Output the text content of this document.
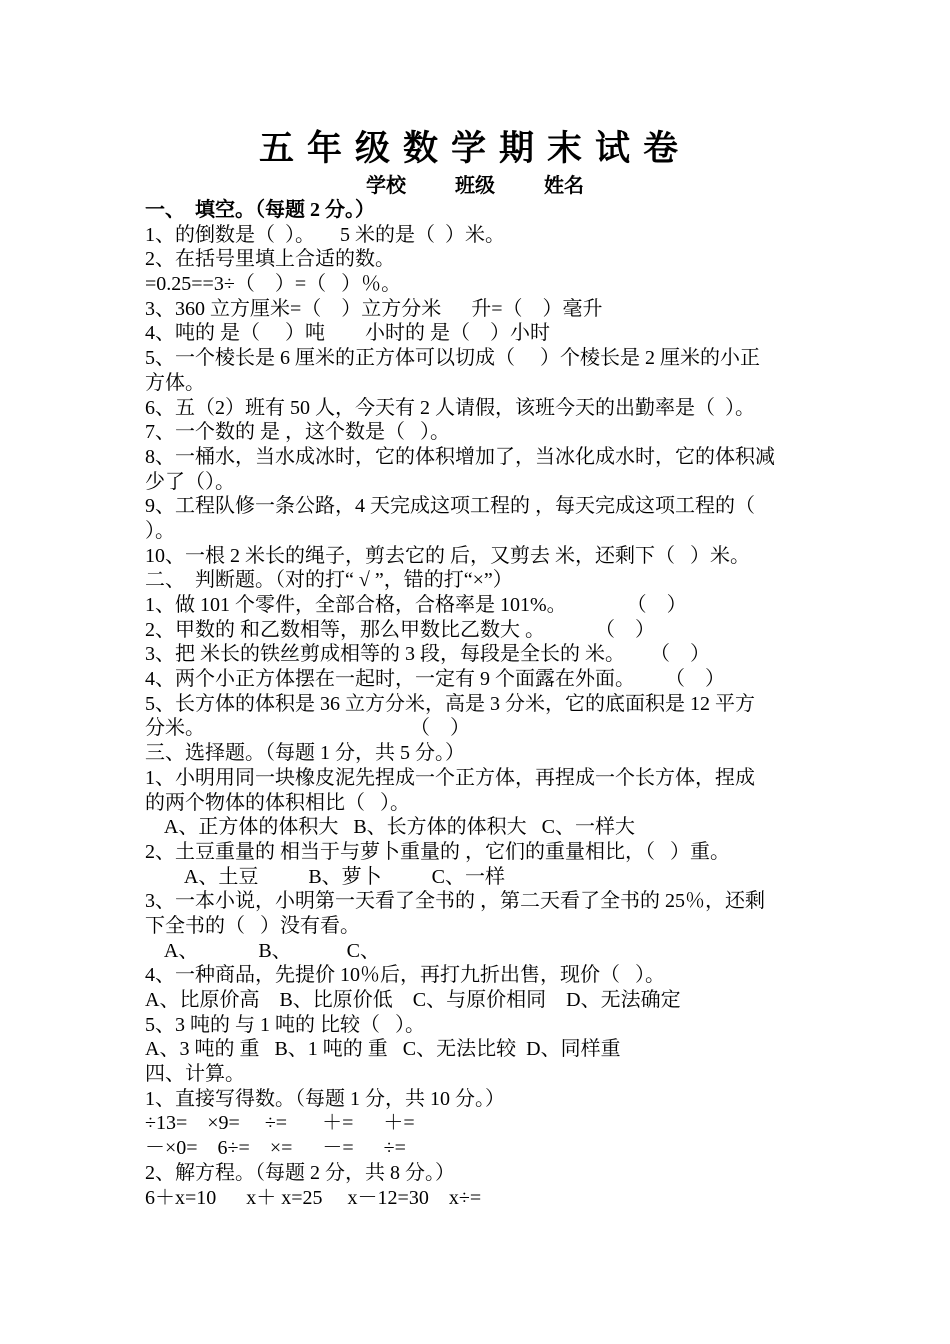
五年级数学期末试卷
学校 班级 姓名
一、  填空。（每题 2 分。）
1、的倒数是（  ）。     5 米的是（  ）米。
2、在括号里填上合适的数。
=0.25==3÷（    ）=（   ）％。
3、360 立方厘米=（    ）立方分米      升=（    ）毫升
4、吨的 是（     ）吨        小时的 是（    ）小时
5、一个棱长是 6 厘米的正方体可以切成（     ）个棱长是 2 厘米的小正
方体。
6、五（2）班有 50 人，今天有 2 人请假，该班今天的出勤率是（  ）。
7、一个数的 是 ，这个数是（   ）。
8、一桶水，当水成冰时，它的体积增加了，当冰化成水时，它的体积减
少了（）。
9、工程队修一条公路，4 天完成这项工程的 ，每天完成这项工程的（
）。
10、一根 2 米长的绳子，剪去它的 后，又剪去 米，还剩下（   ）米。
二、  判断题。（对的打“ √ ”，错的打“×”）
1、做 101 个零件，全部合格，合格率是 101%。            （    ）
2、甲数的 和乙数相等，那么甲数比乙数大 。          （    ）
3、把 米长的铁丝剪成相等的 3 段，每段是全长的 米。     （    ）
4、两个小正方体摆在一起时，一定有 9 个面露在外面。      （    ）
5、长方体的体积是 36 立方分米，高是 3 分米，它的底面积是 12 平方
分米。                                         （    ）
三、选择题。（每题 1 分，共 5 分。）
1、小明用同一块橡皮泥先捏成一个正方体，再捏成一个长方体，捏成
的两个物体的体积相比（   ）。
A、正方体的体积大   B、长方体的体积大   C、一样大
2、土豆重量的 相当于与萝卜重量的 ，它们的重量相比，（   ）重。
A、土豆          B、萝卜          C、一样
3、一本小说，小明第一天看了全书的 ，第二天看了全书的 25％，还剩
下全书的（   ）没有看。
A、            B、           C、
4、一种商品，先提价 10％后，再打九折出售，现价（   ）。
A、比原价高    B、比原价低    C、与原价相同    D、无法确定
5、3 吨的 与 1 吨的 比较（   ）。
A、3 吨的 重   B、1 吨的 重   C、无法比较  D、同样重
四、计算。
1、直接写得数。（每题 1 分，共 10 分。）
÷13=    ×9=     ÷=       ＋=      ＋=
－×0=    6÷=    ×=      －=      ÷=
2、解方程。（每题 2 分，共 8 分。）
6＋x=10      x＋ x=25     x－12=30    x÷=
